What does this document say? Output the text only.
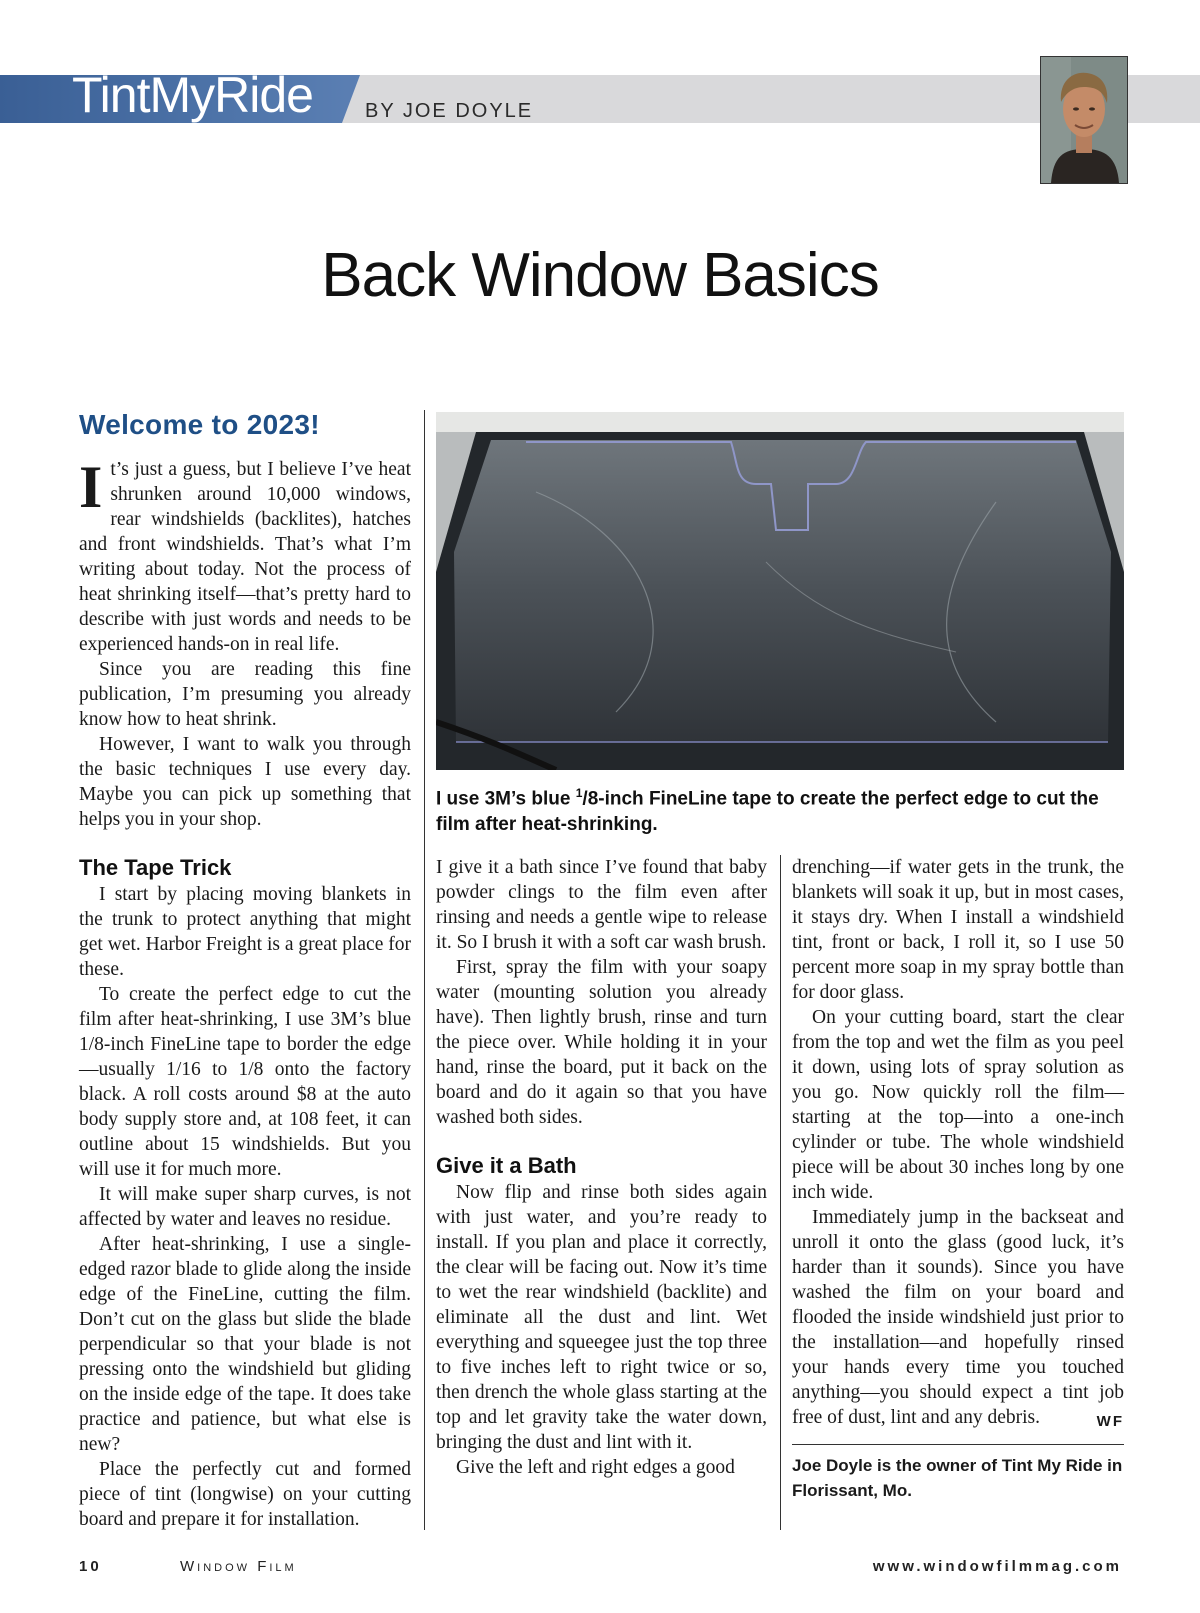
TintMyRide	BY JOE DOYLE
Back Window Basics
Welcome to 2023!

It’s just a guess, but I believe I’ve heat shrunken around 10,000 windows, rear windshields (backlites), hatches and front windshields. That’s what I’m writing about today. Not the process of heat shrinking itself—that’s pretty hard to describe with just words and needs to be experienced hands-on in real life.

Since you are reading this fine publication, I’m presuming you already know how to heat shrink.

However, I want to walk you through the basic techniques I use every day. Maybe you can pick up something that helps you in your shop.

The Tape Trick

I start by placing moving blankets in the trunk to protect anything that might get wet. Harbor Freight is a great place for these.

To create the perfect edge to cut the film after heat-shrinking, I use 3M’s blue 1/8-inch FineLine tape to border the edge—usually 1/16 to 1/8 onto the factory black. A roll costs around $8 at the auto body supply store and, at 108 feet, it can outline about 15 windshields. But you will use it for much more.

It will make super sharp curves, is not affected by water and leaves no residue.

After heat-shrinking, I use a single-edged razor blade to glide along the inside edge of the FineLine, cutting the film. Don’t cut on the glass but slide the blade perpendicular so that your blade is not pressing onto the windshield but gliding on the inside edge of the tape. It does take practice and patience, but what else is new?

Place the perfectly cut and formed piece of tint (longwise) on your cutting board and prepare it for installation.

I use 3M’s blue $^1$/8-inch FineLine tape to create the perfect edge to cut the film after heat-shrinking.

I give it a bath since I’ve found that baby powder clings to the film even after rinsing and needs a gentle wipe to release it. So I brush it with a soft car wash brush.

First, spray the film with your soapy water (mounting solution you already have). Then lightly brush, rinse and turn the piece over. While holding it in your hand, rinse the board, put it back on the board and do it again so that you have washed both sides.

Give it a Bath

Now flip and rinse both sides again with just water, and you’re ready to install. If you plan and place it correctly, the clear will be facing out. Now it’s time to wet the rear windshield (backlite) and eliminate all the dust and lint. Wet everything and squeegee just the top three to five inches left to right twice or so, then drench the whole glass starting at the top and let gravity take the water down, bringing the dust and lint with it.

Give the left and right edges a good

drenching—if water gets in the trunk, the blankets will soak it up, but in most cases, it stays dry. When I install a windshield tint, front or back, I roll it, so I use 50 percent more soap in my spray bottle than for door glass.

On your cutting board, start the clear from the top and wet the film as you peel it down, using lots of spray solution as you go. Now quickly roll the film—starting at the top—into a one-inch cylinder or tube. The whole windshield piece will be about 30 inches long by one inch wide.

Immediately jump in the backseat and unroll it onto the glass (good luck, it’s harder than it sounds). Since you have washed the film on your board and flooded the inside windshield just prior to the installation—and hopefully rinsed your hands every time you touched anything—you should expect a tint job free of dust, lint and any debris.	WF

Joe Doyle is the owner of Tint My Ride in Florissant, Mo.
10	Window Film	www.windowfilmmag.com
